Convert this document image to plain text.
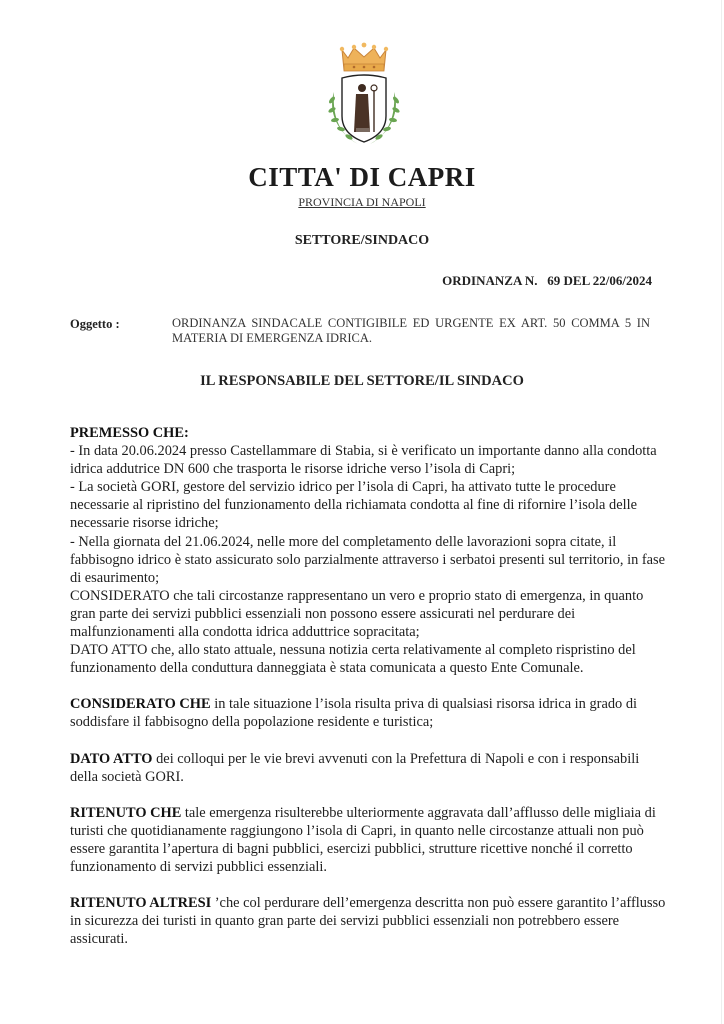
CITTA' DI CAPRI
PROVINCIA DI NAPOLI
SETTORE/SINDACO
ORDINANZA N.   69 DEL 22/06/2024
Oggetto :	ORDINANZA SINDACALE CONTIGIBILE ED URGENTE EX ART. 50 COMMA 5 IN MATERIA DI EMERGENZA IDRICA.
IL RESPONSABILE DEL SETTORE/IL SINDACO

PREMESSO CHE:
- In data 20.06.2024 presso Castellammare di Stabia, si è verificato un importante danno alla condotta idrica addutrice DN 600 che trasporta le risorse idriche verso l’isola di Capri;
- La società GORI, gestore del servizio idrico per l’isola di Capri, ha attivato tutte le procedure necessarie al ripristino del funzionamento della richiamata condotta al fine di rifornire l’isola delle necessarie risorse idriche;
- Nella giornata del 21.06.2024, nelle more del completamento delle lavorazioni sopra citate, il fabbisogno idrico è stato assicurato solo parzialmente attraverso i serbatoi presenti sul territorio, in fase di esaurimento;
CONSIDERATO che tali circostanze rappresentano un vero e proprio stato di emergenza, in quanto gran parte dei servizi pubblici essenziali non possono essere assicurati nel perdurare dei malfunzionamenti alla condotta idrica adduttrice sopracitata;
DATO ATTO che, allo stato attuale, nessuna notizia certa relativamente al completo rispristino del funzionamento della conduttura danneggiata è stata comunicata a questo Ente Comunale.

CONSIDERATO CHE in tale situazione l’isola risulta priva di qualsiasi risorsa idrica in grado di soddisfare il fabbisogno della popolazione residente e turistica;

DATO ATTO dei colloqui per le vie brevi avvenuti con la Prefettura di Napoli e con i responsabili della società GORI.

RITENUTO CHE tale emergenza risulterebbe ulteriormente aggravata dall’afflusso delle migliaia di turisti che quotidianamente raggiungono l’isola di Capri, in quanto nelle circostanze attuali non può essere garantita l’apertura di bagni pubblici, esercizi pubblici, strutture ricettive nonché il corretto funzionamento di servizi pubblici essenziali.

RITENUTO ALTRESI ’che col perdurare dell’emergenza descritta non può essere garantito l’afflusso in sicurezza dei turisti in quanto gran parte dei servizi pubblici essenziali non potrebbero essere assicurati.
